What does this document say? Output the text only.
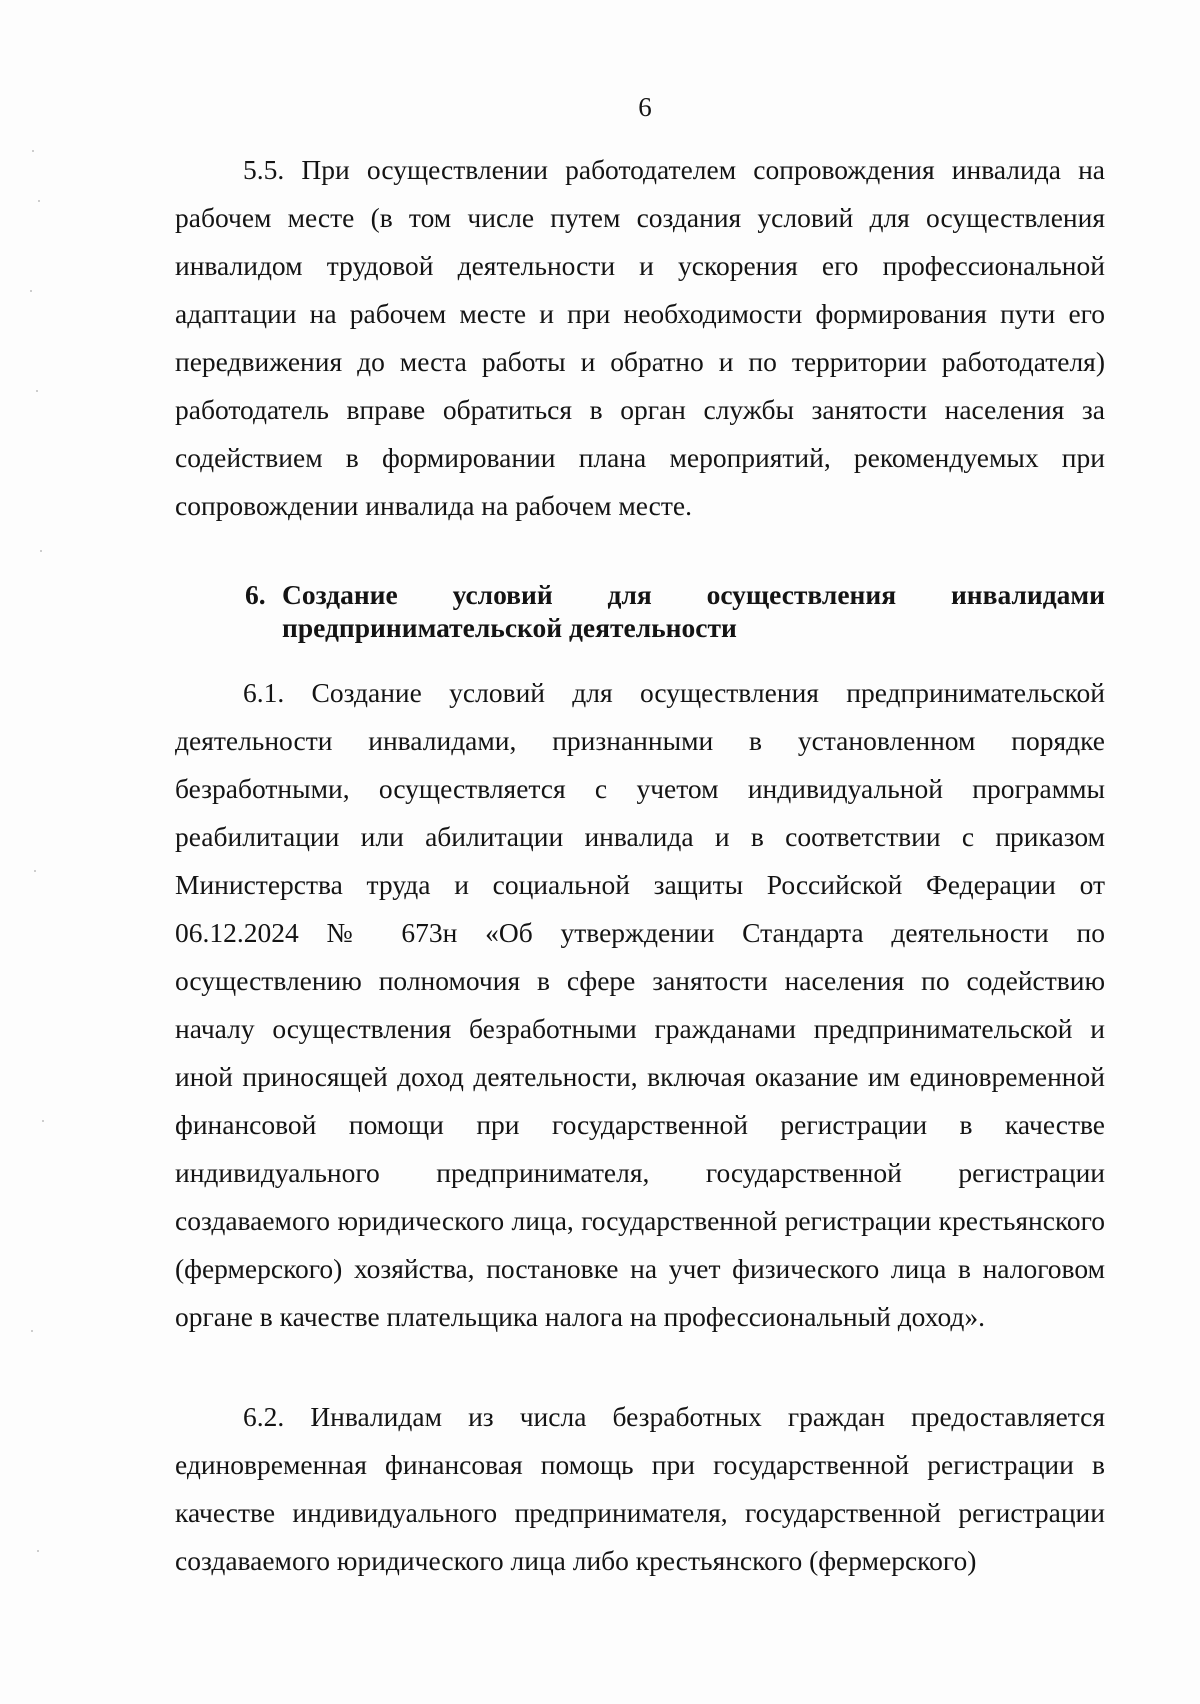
6

5.5. При осуществлении работодателем сопровождения инвалида на рабочем месте (в том числе путем создания условий для осуществления инвалидом трудовой деятельности и ускорения его профессиональной адаптации на рабочем месте и при необходимости формирования пути его передвижения до места работы и обратно и по территории работодателя) работодатель вправе обратиться в орган службы занятости населения за содействием в формировании плана мероприятий, рекомендуемых при сопровождении инвалида на рабочем месте.

6. Создание условий для осуществления инвалидами
предпринимательской деятельности

6.1. Создание условий для осуществления предпринимательской деятельности инвалидами, признанными в установленном порядке безработными, осуществляется с учетом индивидуальной программы реабилитации или абилитации инвалида и в соответствии с приказом Министерства труда и социальной защиты Российской Федерации от 06.12.2024 № 673н «Об утверждении Стандарта деятельности по осуществлению полномочия в сфере занятости населения по содействию началу осуществления безработными гражданами предпринимательской и иной приносящей доход деятельности, включая оказание им единовременной финансовой помощи при государственной регистрации в качестве индивидуального предпринимателя, государственной регистрации создаваемого юридического лица, государственной регистрации крестьянского (фермерского) хозяйства, постановке на учет физического лица в налоговом органе в качестве плательщика налога на профессиональный доход».

6.2. Инвалидам из числа безработных граждан предоставляется единовременная финансовая помощь при государственной регистрации в качестве индивидуального предпринимателя, государственной регистрации создаваемого юридического лица либо крестьянского (фермерского)
